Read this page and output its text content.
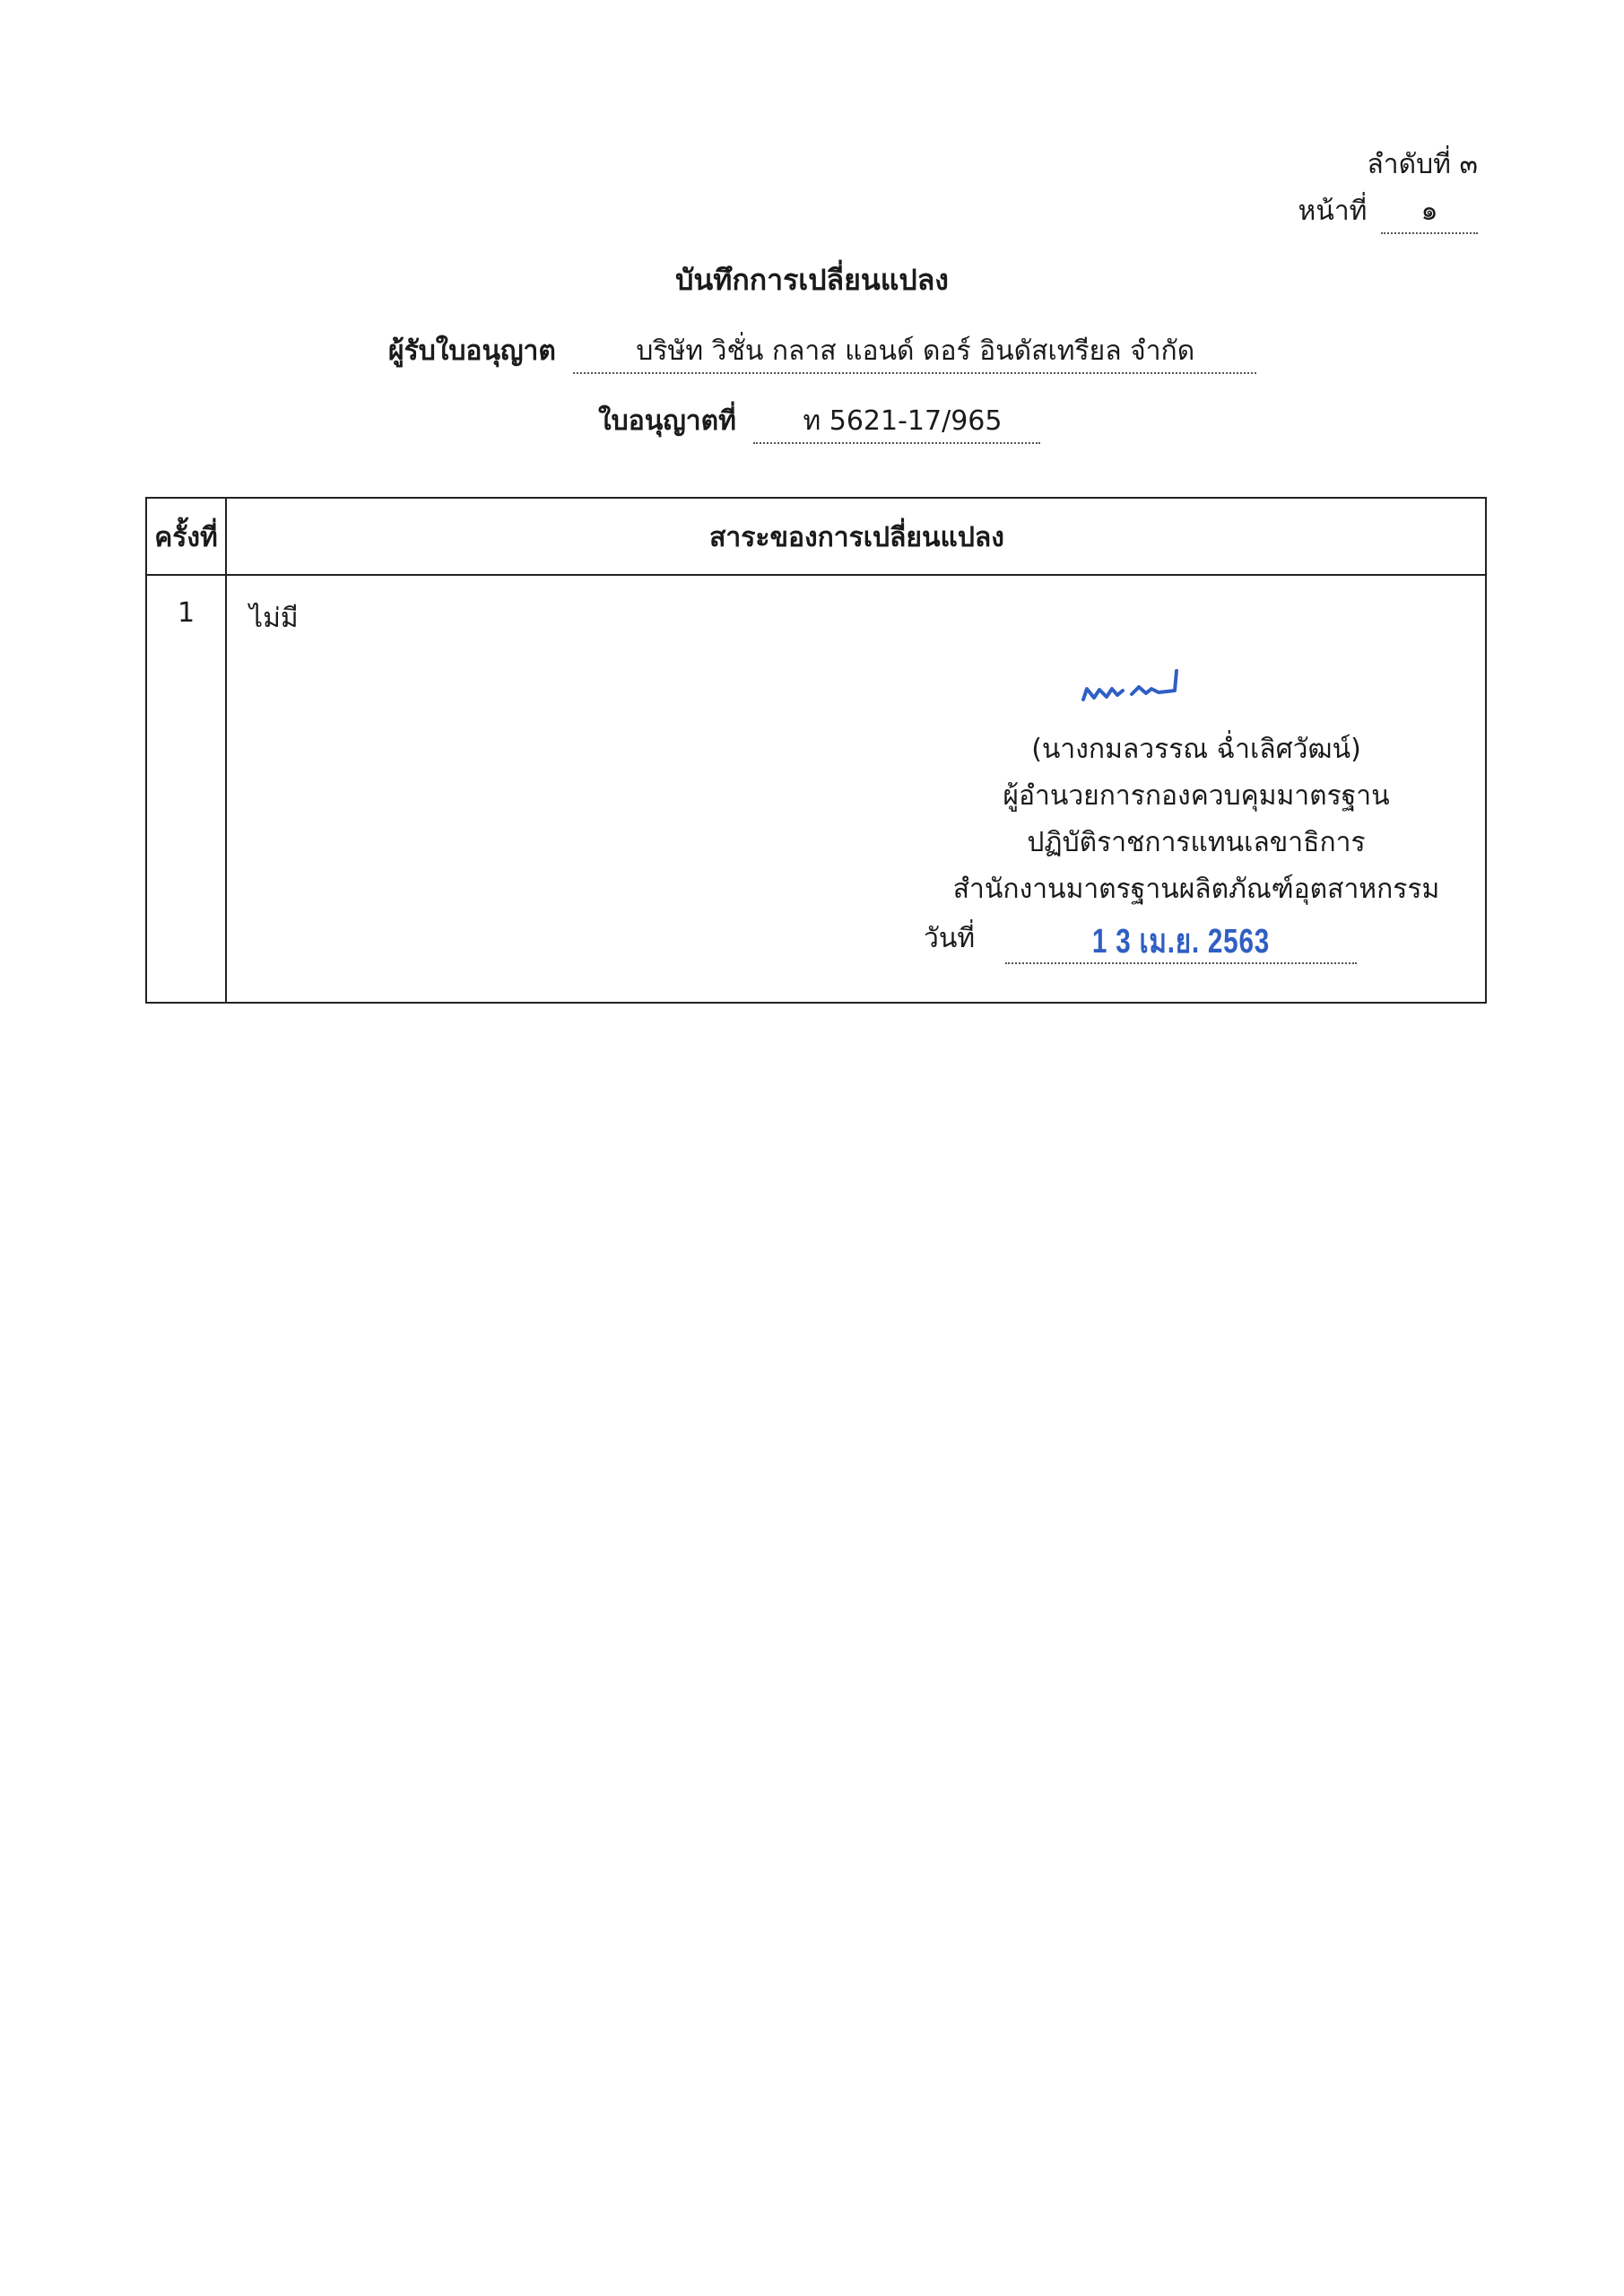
ลำดับที่ ๓
หน้าที่ ๑
บันทึกการเปลี่ยนแปลง
ผู้รับใบอนุญาต	บริษัท วิชั่น กลาส แอนด์ ดอร์ อินดัสเทรียล จำกัด
ใบอนุญาตที่ ท 5621-17/965
ครั้งที่	สาระของการเปลี่ยนแปลง
1	ไม่มี
(นางกมลวรรณ ฉ่ำเลิศวัฒน์)
ผู้อำนวยการกองควบคุมมาตรฐาน
ปฏิบัติราชการแทนเลขาธิการ
สำนักงานมาตรฐานผลิตภัณฑ์อุตสาหกรรม
วันที่	1 3 เม.ย. 2563
